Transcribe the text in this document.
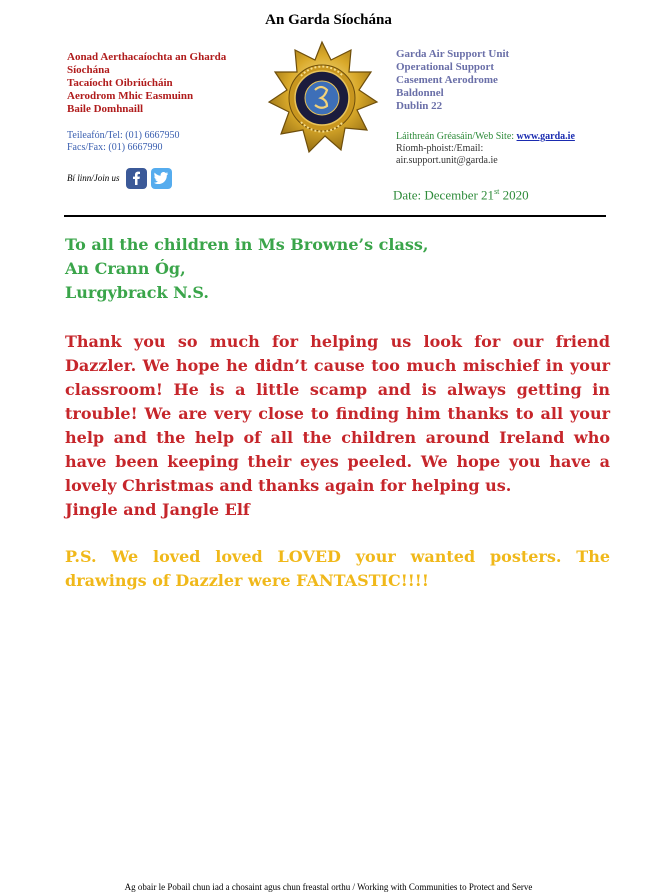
An Garda Síochána
Aonad Aerthacaíochta an Gharda
Síochána
Tacaíocht Oibriúcháin
Aerodrom Mhic Easmuinn
Baile Domhnaill
Teileafón/Tel: (01) 6667950
Facs/Fax: (01) 6667990
Bí linn/Join us
Garda Air Support Unit
Operational Support
Casement Aerodrome
Baldonnel
Dublin 22
Láithreán Gréasáin/Web Site: www.garda.ie
Ríomh-phoist:/Email:
air.support.unit@garda.ie
Date: December 21st 2020
To all the children in Ms Browne’s class,
An Crann Óg,
Lurgybrack N.S.

Thank you so much for helping us look for our friend Dazzler. We hope he didn’t cause too much mischief in your classroom! He is a little scamp and is always getting in trouble! We are very close to finding him thanks to all your help and the help of all the children around Ireland who have been keeping their eyes peeled. We hope you have a lovely Christmas and thanks again for helping us.

Jingle and Jangle Elf

P.S. We loved loved LOVED your wanted posters. The drawings of Dazzler were FANTASTIC!!!!
Ag obair le Pobail chun iad a chosaint agus chun freastal orthu / Working with Communities to Protect and Serve
